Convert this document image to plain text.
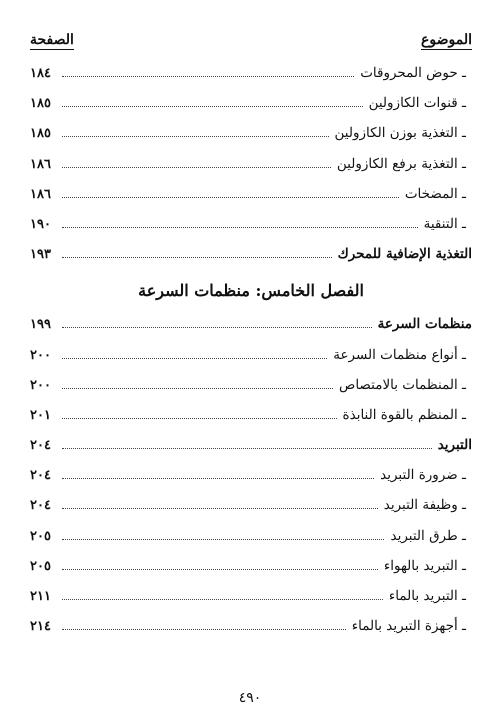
الموضوع
الصفحة
ـ حوض المحروقات
١٨٤
ـ قنوات الكازولين
١٨٥
ـ التغذية بوزن الكازولين
١٨٥
ـ التغذية برفع الكازولين
١٨٦
ـ المضخات
١٨٦
ـ التنقية
١٩٠
التغذية الإضافية للمحرك
١٩٣
الفصل الخامس: منظمات السرعة
منظمات السرعة
١٩٩
ـ أنواع منظمات السرعة
٢٠٠
ـ المنظمات بالامتصاص
٢٠٠
ـ المنظم بالقوة النابذة
٢٠١
التبريد
٢٠٤
ـ ضرورة التبريد
٢٠٤
ـ وظيفة التبريد
٢٠٤
ـ طرق التبريد
٢٠٥
ـ التبريد بالهواء
٢٠٥
ـ التبريد بالماء
٢١١
ـ أجهزة التبريد بالماء
٢١٤
٤٩٠
